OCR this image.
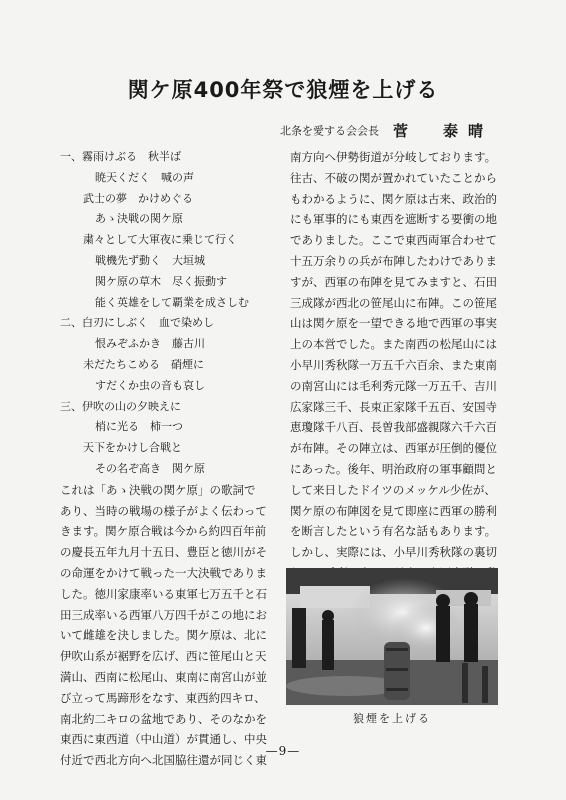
関ケ原400年祭で狼煙を上げる
北条を愛する会会長 菅　泰晴
一、霧雨けぶる　秋半ば
暁天くだく　喊の声
武士の夢　かけめぐる
あゝ決戦の関ケ原
粛々として大軍夜に乗じて行く
戦機先ず動く　大垣城
関ケ原の草木　尽く振動す
能く英雄をして覇業を成さしむ
二、白刃にしぶく　血で染めし
恨みぞふかき　藤古川
未だたちこめる　硝煙に
すだくか虫の音も哀し
三、伊吹の山の夕映えに
梢に光る　柿一つ
天下をかけし合戦と
その名ぞ高き　関ケ原
これは「あゝ決戦の関ケ原」の歌詞で
あり、当時の戦場の様子がよく伝わって
きます。関ケ原合戦は今から約四百年前
の慶長五年九月十五日、豊臣と徳川がそ
の命運をかけて戦った一大決戦でありま
した。徳川家康率いる東軍七万五千と石
田三成率いる西軍八万四千がこの地にお
いて雌雄を決しました。関ケ原は、北に
伊吹山系が裾野を広げ、西に笹尾山と天
満山、西南に松尾山、東南に南宮山が並
び立って馬蹄形をなす、東西約四キロ、
南北約二キロの盆地であり、そのなかを
東西に東西道（中山道）が貫通し、中央
付近で西北方向へ北国脇往還が同じく東
南方向へ伊勢街道が分岐しております。
往古、不破の関が置かれていたことから
もわかるように、関ケ原は古来、政治的
にも軍事的にも東西を遮断する要衝の地
でありました。ここで東西両軍合わせて
十五万余りの兵が布陣したわけでありま
すが、西軍の布陣を見てみますと、石田
三成隊が西北の笹尾山に布陣。この笹尾
山は関ケ原を一望できる地で西軍の事実
上の本営でした。また南西の松尾山には
小早川秀秋隊一万五千六百余、また東南
の南宮山には毛利秀元隊一万五千、吉川
広家隊三千、長束正家隊千五百、安国寺
恵瓊隊千八百、長曽我部盛親隊六千六百
が布陣。その陣立は、西軍が圧倒的優位
にあった。後年、明治政府の軍事顧問と
して来日したドイツのメッケル少佐が、
関ケ原の布陣図を見て即座に西軍の勝利
を断言したという有名な話もあります。
しかし、実際には、小早川秀秋隊の裏切
狼煙を上げる
—9—
